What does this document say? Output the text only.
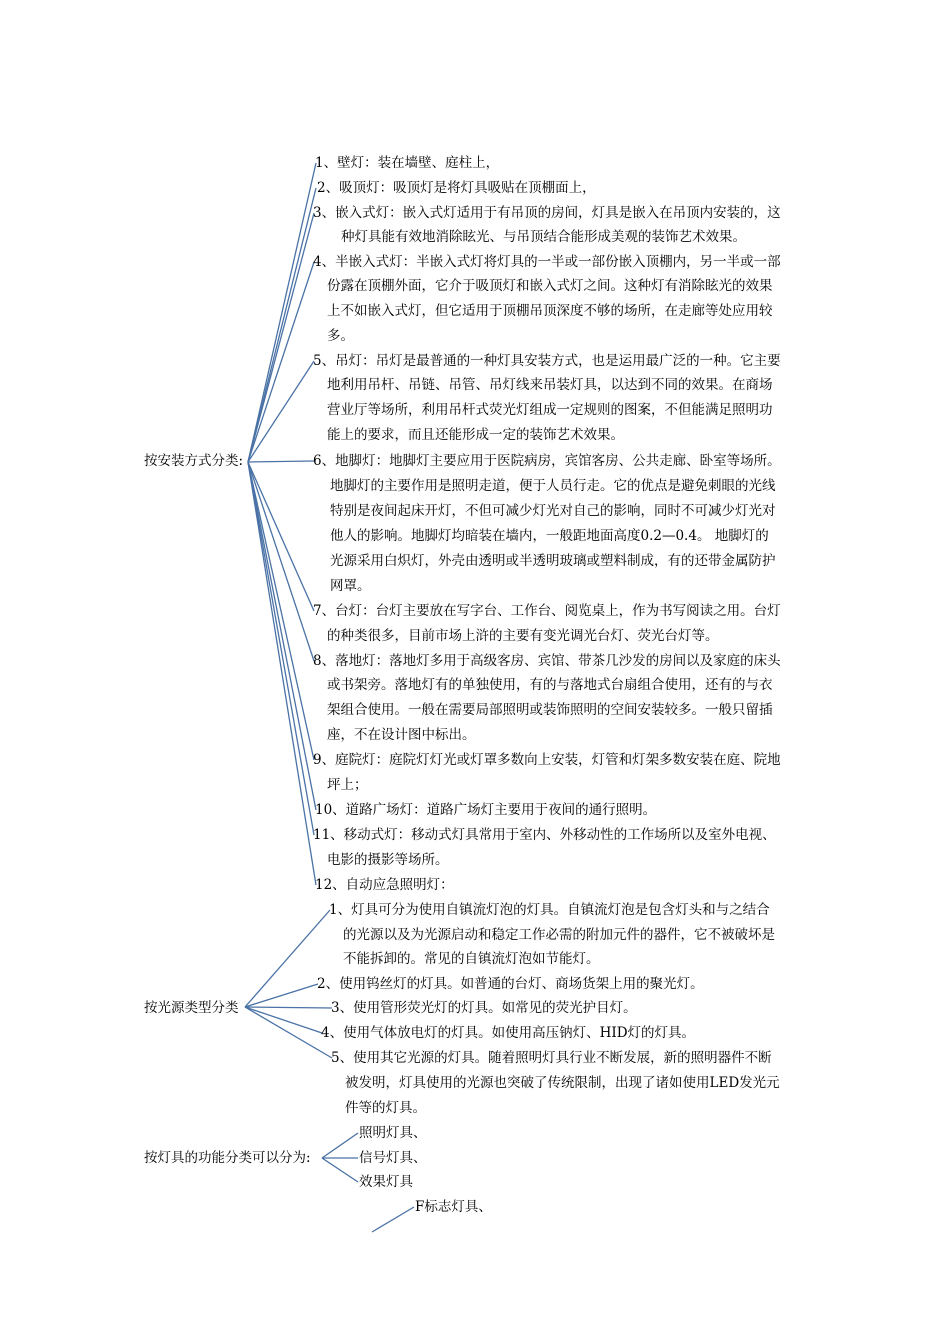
按安装方式分类:
1、壁灯：装在墙壁、庭柱上，
2、吸顶灯：吸顶灯是将灯具吸贴在顶棚面上，
3、嵌入式灯：嵌入式灯适用于有吊顶的房间，灯具是嵌入在吊顶内安装的，这
种灯具能有效地消除眩光、与吊顶结合能形成美观的装饰艺术效果。
4、半嵌入式灯：半嵌入式灯将灯具的一半或一部份嵌入顶棚内，另一半或一部
份露在顶棚外面，它介于吸顶灯和嵌入式灯之间。这种灯有消除眩光的效果
上不如嵌入式灯，但它适用于顶棚吊顶深度不够的场所，在走廊等处应用较
多。
5、吊灯：吊灯是最普通的一种灯具安装方式，也是运用最广泛的一种。它主要
地利用吊杆、吊链、吊管、吊灯线来吊装灯具，以达到不同的效果。在商场
营业厅等场所，利用吊杆式荧光灯组成一定规则的图案，不但能满足照明功
能上的要求，而且还能形成一定的装饰艺术效果。
6、地脚灯：地脚灯主要应用于医院病房，宾馆客房、公共走廊、卧室等场所。
地脚灯的主要作用是照明走道，便于人员行走。它的优点是避免刺眼的光线
特别是夜间起床开灯，不但可减少灯光对自己的影响，同时不可减少灯光对
他人的影响。地脚灯均暗装在墙内，一般距地面高度0.2—0.4。 地脚灯的
光源采用白炽灯，外壳由透明或半透明玻璃或塑料制成，有的还带金属防护
网罩。
7、台灯：台灯主要放在写字台、工作台、阅览桌上，作为书写阅读之用。台灯
的种类很多，目前市场上浒的主要有变光调光台灯、荧光台灯等。
8、落地灯：落地灯多用于高级客房、宾馆、带茶几沙发的房间以及家庭的床头
或书架旁。落地灯有的单独使用，有的与落地式台扇组合使用，还有的与衣
架组合使用。一般在需要局部照明或装饰照明的空间安装较多。一般只留插
座，不在设计图中标出。
9、庭院灯：庭院灯灯光或灯罩多数向上安装，灯管和灯架多数安装在庭、院地
坪上；
10、道路广场灯：道路广场灯主要用于夜间的通行照明。
11、移动式灯：移动式灯具常用于室内、外移动性的工作场所以及室外电视、
电影的摄影等场所。
12、自动应急照明灯：
按光源类型分类
1、灯具可分为使用自镇流灯泡的灯具。自镇流灯泡是包含灯头和与之结合
的光源以及为光源启动和稳定工作必需的附加元件的器件，它不被破坏是
不能拆卸的。常见的自镇流灯泡如节能灯。
2、使用钨丝灯的灯具。如普通的台灯、商场货架上用的聚光灯。
3、使用管形荧光灯的灯具。如常见的荧光护目灯。
4、使用气体放电灯的灯具。如使用高压钠灯、HID灯的灯具。
5、使用其它光源的灯具。随着照明灯具行业不断发展，新的照明器件不断
被发明，灯具使用的光源也突破了传统限制，出现了诸如使用LED发光元
件等的灯具。
按灯具的功能分类可以分为:
照明灯具、
信号灯具、
效果灯具
F标志灯具、
